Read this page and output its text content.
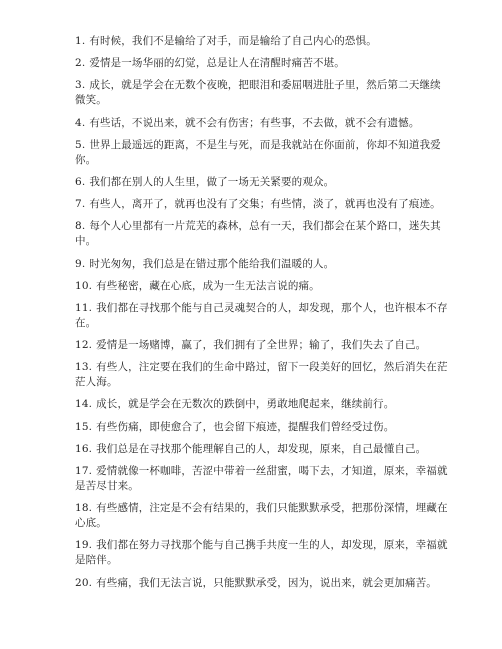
1. 有时候，我们不是输给了对手，而是输给了自己内心的恐惧。
2. 爱情是一场华丽的幻觉，总是让人在清醒时痛苦不堪。
3. 成长，就是学会在无数个夜晚，把眼泪和委屈咽进肚子里，然后第二天继续微笑。
4. 有些话，不说出来，就不会有伤害；有些事，不去做，就不会有遗憾。
5. 世界上最遥远的距离，不是生与死，而是我就站在你面前，你却不知道我爱你。
6. 我们都在别人的人生里，做了一场无关紧要的观众。
7. 有些人，离开了，就再也没有了交集；有些情，淡了，就再也没有了痕迹。
8. 每个人心里都有一片荒芜的森林，总有一天，我们都会在某个路口，迷失其中。
9. 时光匆匆，我们总是在错过那个能给我们温暖的人。
10. 有些秘密，藏在心底，成为一生无法言说的痛。
11. 我们都在寻找那个能与自己灵魂契合的人，却发现，那个人，也许根本不存在。
12. 爱情是一场赌博，赢了，我们拥有了全世界；输了，我们失去了自己。
13. 有些人，注定要在我们的生命中路过，留下一段美好的回忆，然后消失在茫茫人海。
14. 成长，就是学会在无数次的跌倒中，勇敢地爬起来，继续前行。
15. 有些伤痛，即使愈合了，也会留下痕迹，提醒我们曾经受过伤。
16. 我们总是在寻找那个能理解自己的人，却发现，原来，自己最懂自己。
17. 爱情就像一杯咖啡，苦涩中带着一丝甜蜜，喝下去，才知道，原来，幸福就是苦尽甘来。
18. 有些感情，注定是不会有结果的，我们只能默默承受，把那份深情，埋藏在心底。
19. 我们都在努力寻找那个能与自己携手共度一生的人，却发现，原来，幸福就是陪伴。
20. 有些痛，我们无法言说，只能默默承受，因为，说出来，就会更加痛苦。
